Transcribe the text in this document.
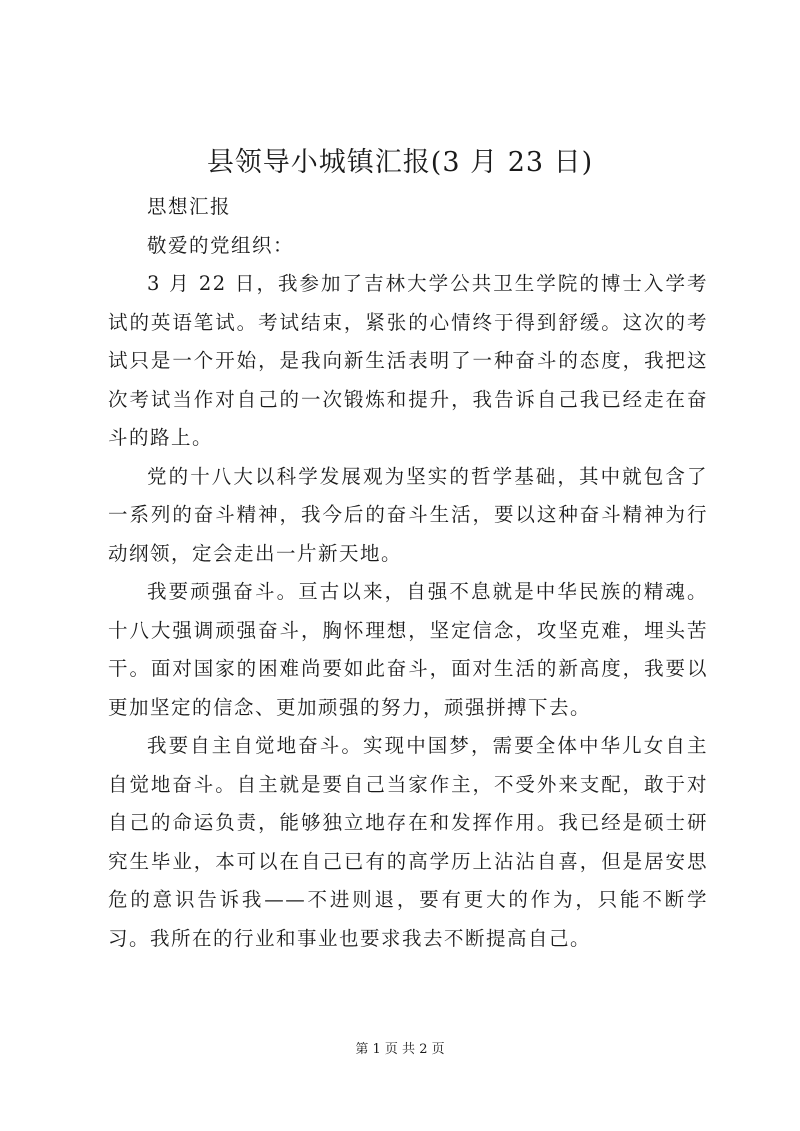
县领导小城镇汇报(3 月 23 日)

思想汇报

敬爱的党组织：

3 月 22 日，我参加了吉林大学公共卫生学院的博士入学考试的英语笔试。考试结束，紧张的心情终于得到舒缓。这次的考试只是一个开始，是我向新生活表明了一种奋斗的态度，我把这次考试当作对自己的一次锻炼和提升，我告诉自己我已经走在奋斗的路上。

党的十八大以科学发展观为坚实的哲学基础，其中就包含了一系列的奋斗精神，我今后的奋斗生活，要以这种奋斗精神为行动纲领，定会走出一片新天地。

我要顽强奋斗。亘古以来，自强不息就是中华民族的精魂。十八大强调顽强奋斗，胸怀理想，坚定信念，攻坚克难，埋头苦干。面对国家的困难尚要如此奋斗，面对生活的新高度，我要以更加坚定的信念、更加顽强的努力，顽强拼搏下去。

我要自主自觉地奋斗。实现中国梦，需要全体中华儿女自主自觉地奋斗。自主就是要自己当家作主，不受外来支配，敢于对自己的命运负责，能够独立地存在和发挥作用。我已经是硕士研究生毕业，本可以在自己已有的高学历上沾沾自喜，但是居安思危的意识告诉我——不进则退，要有更大的作为，只能不断学习。我所在的行业和事业也要求我去不断提高自己。

第 1 页 共 2 页
